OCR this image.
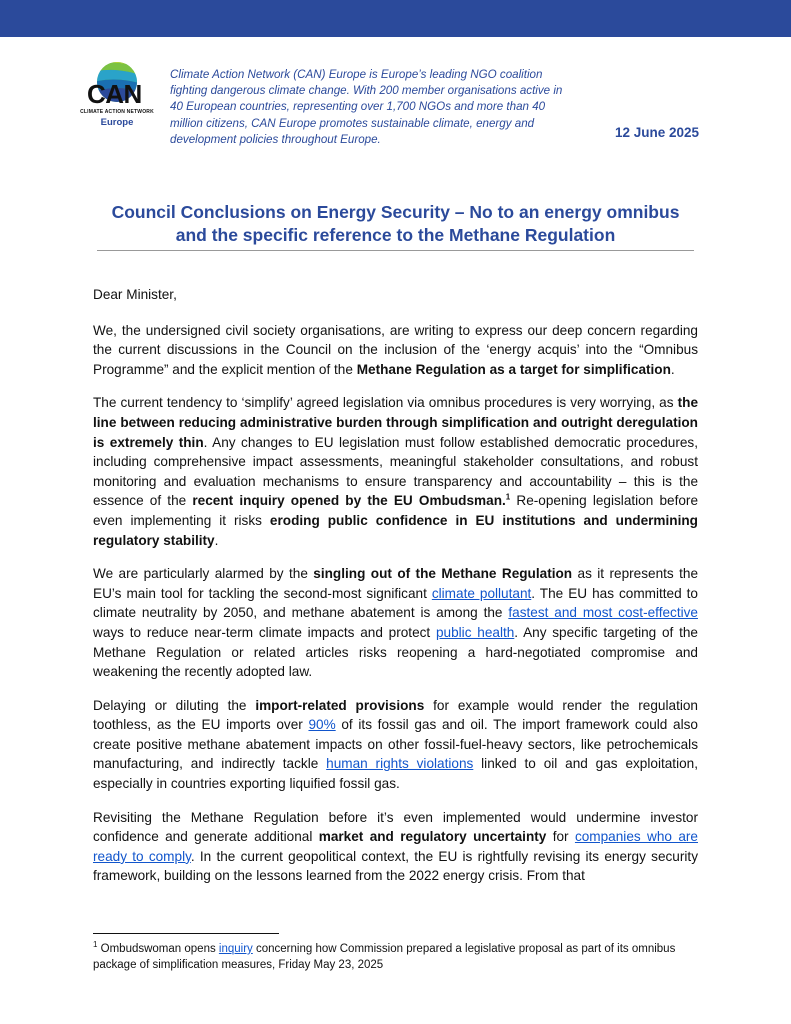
CAN
CLIMATE ACTION NETWORK
Europe
Climate Action Network (CAN) Europe is Europe’s leading NGO coalition fighting dangerous climate change. With 200 member organisations active in 40 European countries, representing over 1,700 NGOs and more than 40 million citizens, CAN Europe promotes sustainable climate, energy and development policies throughout Europe.	12 June 2025
Council Conclusions on Energy Security – No to an energy omnibus
and the specific reference to the Methane Regulation

Dear Minister,

We, the undersigned civil society organisations, are writing to express our deep concern regarding the current discussions in the Council on the inclusion of the ‘energy acquis’ into the “Omnibus Programme” and the explicit mention of the Methane Regulation as a target for simplification.

The current tendency to ‘simplify’ agreed legislation via omnibus procedures is very worrying, as the line between reducing administrative burden through simplification and outright deregulation is extremely thin. Any changes to EU legislation must follow established democratic procedures, including comprehensive impact assessments, meaningful stakeholder consultations, and robust monitoring and evaluation mechanisms to ensure transparency and accountability – this is the essence of the recent inquiry opened by the EU Ombudsman.$^1$ Re-opening legislation before even implementing it risks eroding public confidence in EU institutions and undermining regulatory stability.

We are particularly alarmed by the singling out of the Methane Regulation as it represents the EU’s main tool for tackling the second-most significant climate pollutant. The EU has committed to climate neutrality by 2050, and methane abatement is among the fastest and most cost-effective ways to reduce near-term climate impacts and protect public health. Any specific targeting of the Methane Regulation or related articles risks reopening a hard-negotiated compromise and weakening the recently adopted law.

Delaying or diluting the import-related provisions for example would render the regulation toothless, as the EU imports over 90% of its fossil gas and oil. The import framework could also create positive methane abatement impacts on other fossil-fuel-heavy sectors, like petrochemicals manufacturing, and indirectly tackle human rights violations linked to oil and gas exploitation, especially in countries exporting liquified fossil gas.

Revisiting the Methane Regulation before it’s even implemented would undermine investor confidence and generate additional market and regulatory uncertainty for companies who are ready to comply. In the current geopolitical context, the EU is rightfully revising its energy security framework, building on the lessons learned from the 2022 energy crisis. From that

$^1$ Ombudswoman opens inquiry concerning how Commission prepared a legislative proposal as part of its omnibus package of simplification measures, Friday May 23, 2025
